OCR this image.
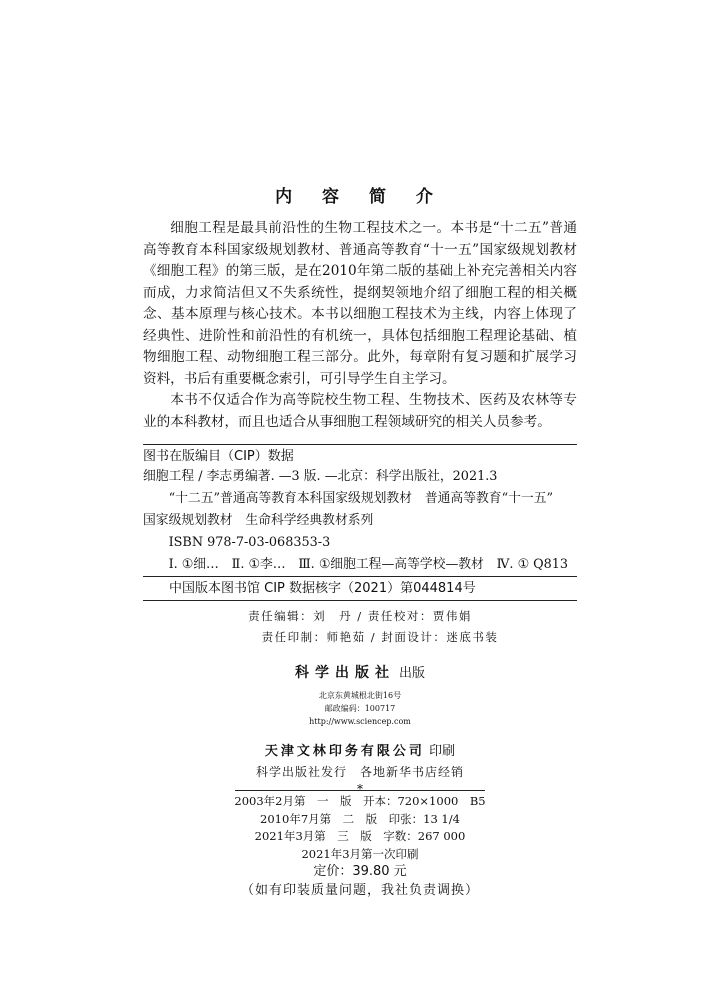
内 容 简 介

细胞工程是最具前沿性的生物工程技术之一。本书是“十二五”普通高等教育本科国家级规划教材、普通高等教育“十一五”国家级规划教材《细胞工程》的第三版，是在2010年第二版的基础上补充完善相关内容而成，力求简洁但又不失系统性，提纲契领地介绍了细胞工程的相关概念、基本原理与核心技术。本书以细胞工程技术为主线，内容上体现了经典性、进阶性和前沿性的有机统一，具体包括细胞工程理论基础、植物细胞工程、动物细胞工程三部分。此外，每章附有复习题和扩展学习资料，书后有重要概念索引，可引导学生自主学习。

本书不仅适合作为高等院校生物工程、生物技术、医药及农林等专业的本科教材，而且也适合从事细胞工程领域研究的相关人员参考。

图书在版编目（CIP）数据
细胞工程 / 李志勇编著. —3 版. —北京：科学出版社，2021.3
“十二五”普通高等教育本科国家级规划教材　普通高等教育“十一五”
国家级规划教材　生命科学经典教材系列
ISBN 978-7-03-068353-3
Ⅰ. ①细…　Ⅱ. ①李…　Ⅲ. ①细胞工程—高等学校—教材　Ⅳ. ① Q813
中国版本图书馆 CIP 数据核字（2021）第044814号
责任编辑：刘　丹 / 责任校对：贾伟娟
责任印制：师艳茹 / 封面设计：迷底书装
科学出版社 出版
北京东黄城根北街16号
邮政编码：100717
http://www.sciencep.com
天津文林印务有限公司 印刷
科学出版社发行　各地新华书店经销
*
2003年2月第　一　版　开本：720×1000　B5
2010年7月第　二　版　印张：13 1/4
2021年3月第　三　版　字数：267 000
2021年3月第一次印刷
定价：39.80 元
（如有印装质量问题，我社负责调换）
